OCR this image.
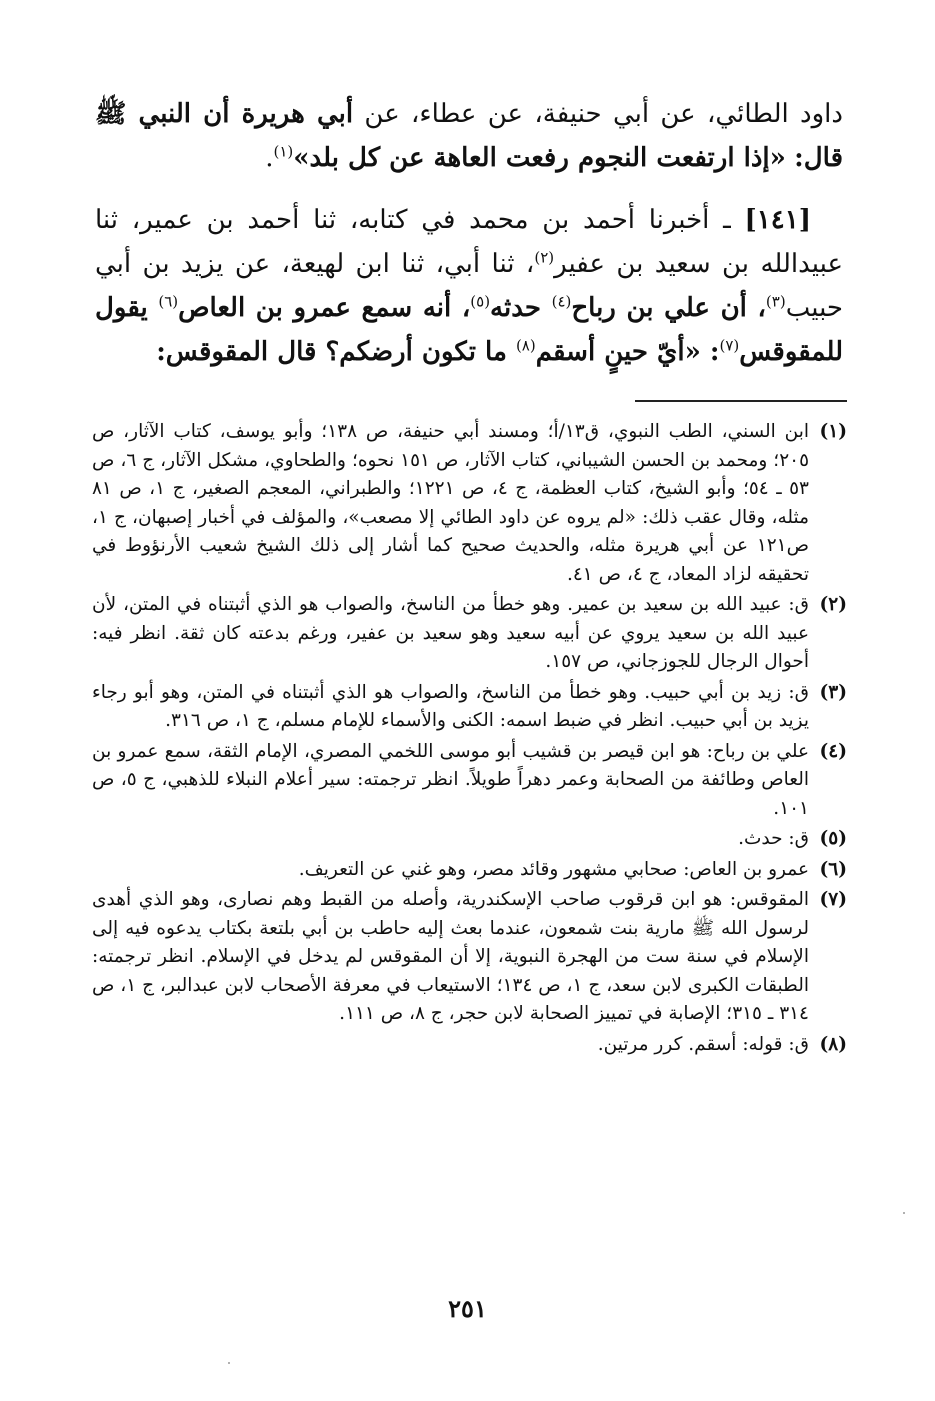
داود الطائي، عن أبي حنيفة، عن عطاء، عن أبي هريرة أن النبي ﷺ قال: «إذا ارتفعت النجوم رفعت العاهة عن كل بلد»$^{(١)}$.

[١٤١] ـ أخبرنا أحمد بن محمد في كتابه، ثنا أحمد بن عمير، ثنا عبيدالله بن سعيد بن عفير$^{(٢)}$، ثنا أبي، ثنا ابن لهيعة، عن يزيد بن أبي حبيب$^{(٣)}$، أن علي بن رباح$^{(٤)}$ حدثه$^{(٥)}$، أنه سمع عمرو بن العاص$^{(٦)}$ يقول للمقوقس$^{(٧)}$: «أيّ حينٍ أسقم$^{(٨)}$ ما تكون أرضكم؟ قال المقوقس:

(١)
ابن السني، الطب النبوي، ق١٣/أ؛ ومسند أبي حنيفة، ص ١٣٨؛ وأبو يوسف، كتاب الآثار، ص ٢٠٥؛ ومحمد بن الحسن الشيباني، كتاب الآثار، ص ١٥١ نحوه؛ والطحاوي، مشكل الآثار، ج ٦، ص ٥٣ ـ ٥٤؛ وأبو الشيخ، كتاب العظمة، ج ٤، ص ١٢٢١؛ والطبراني، المعجم الصغير، ج ١، ص ٨١ مثله، وقال عقب ذلك: «لم يروه عن داود الطائي إلا مصعب»، والمؤلف في أخبار إصبهان، ج ١، ص١٢١ عن أبي هريرة مثله، والحديث صحيح كما أشار إلى ذلك الشيخ شعيب الأرنؤوط في تحقيقه لزاد المعاد، ج ٤، ص ٤١.
(٢)
ق: عبيد الله بن سعيد بن عمير. وهو خطأ من الناسخ، والصواب هو الذي أثبتناه في المتن، لأن عبيد الله بن سعيد يروي عن أبيه سعيد وهو سعيد بن عفير، ورغم بدعته كان ثقة. انظر فيه: أحوال الرجال للجوزجاني، ص ١٥٧.
(٣)
ق: زيد بن أبي حبيب. وهو خطأ من الناسخ، والصواب هو الذي أثبتناه في المتن، وهو أبو رجاء يزيد بن أبي حبيب. انظر في ضبط اسمه: الكنى والأسماء للإمام مسلم، ج ١، ص ٣١٦.
(٤)
علي بن رباح: هو ابن قيصر بن قشيب أبو موسى اللخمي المصري، الإمام الثقة، سمع عمرو بن العاص وطائفة من الصحابة وعمر دهراً طويلاً. انظر ترجمته: سير أعلام النبلاء للذهبي، ج ٥، ص ١٠١.
(٥)
ق: حدث.
(٦)
عمرو بن العاص: صحابي مشهور وقائد مصر، وهو غني عن التعريف.
(٧)
المقوقس: هو ابن قرقوب صاحب الإسكندرية، وأصله من القبط وهم نصارى، وهو الذي أهدى لرسول الله ﷺ مارية بنت شمعون، عندما بعث إليه حاطب بن أبي بلتعة بكتاب يدعوه فيه إلى الإسلام في سنة ست من الهجرة النبوية، إلا أن المقوقس لم يدخل في الإسلام. انظر ترجمته: الطبقات الكبرى لابن سعد، ج ١، ص ١٣٤؛ الاستيعاب في معرفة الأصحاب لابن عبدالبر، ج ١، ص ٣١٤ ـ ٣١٥؛ الإصابة في تمييز الصحابة لابن حجر، ج ٨، ص ١١١.
(٨)
ق: قوله: أسقم. كرر مرتين.
٢٥١
